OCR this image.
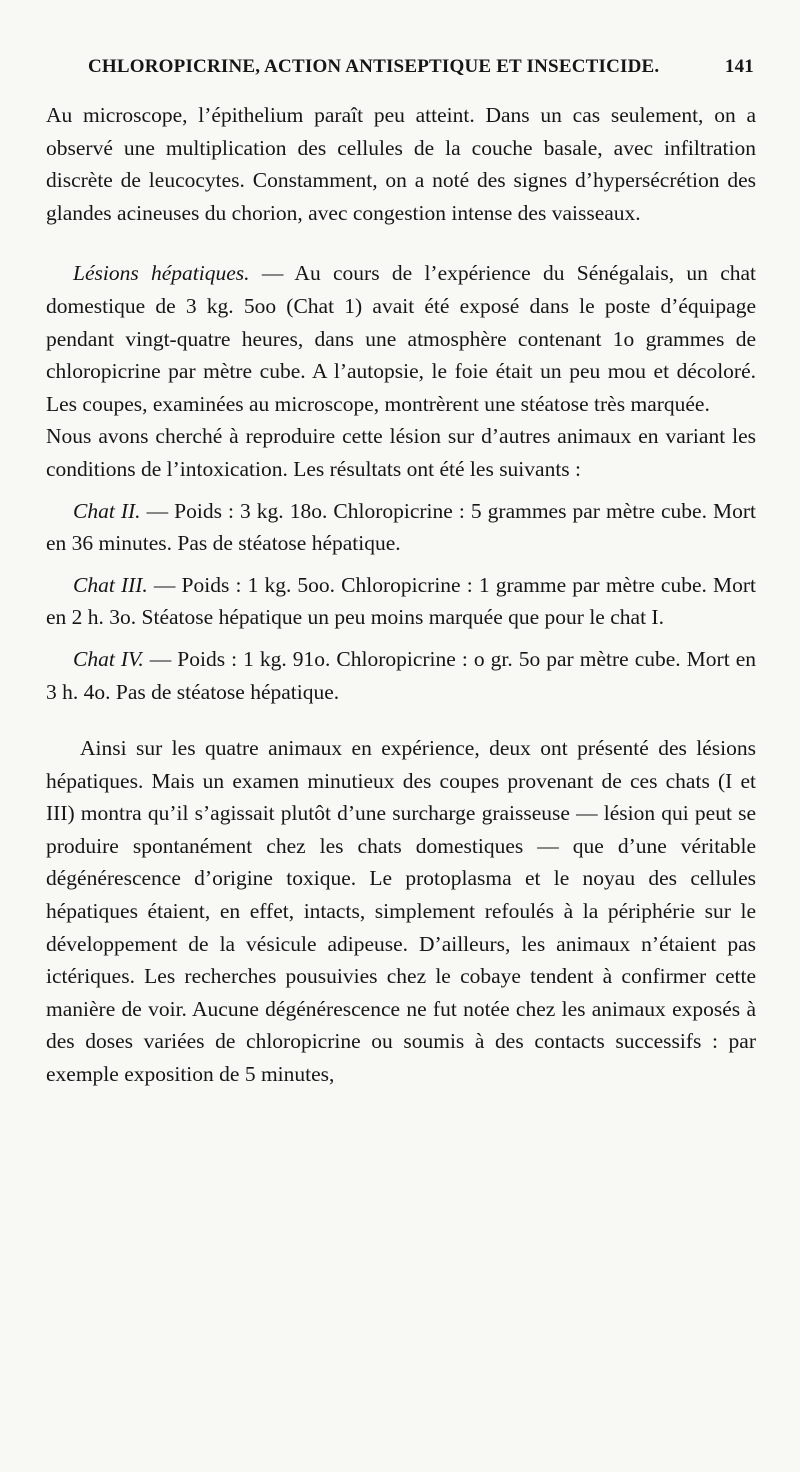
CHLOROPICRINE, ACTION ANTISEPTIQUE ET INSECTICIDE.	141

Au microscope, l’épithelium paraît peu atteint. Dans un cas seulement, on a observé une multiplication des cellules de la couche basale, avec infiltration discrète de leucocytes. Constamment, on a noté des signes d’hypersécrétion des glandes acineuses du chorion, avec congestion intense des vaisseaux.

Lésions hépatiques. — Au cours de l’expérience du Sénégalais, un chat domestique de 3 kg. 5oo (Chat 1) avait été exposé dans le poste d’équipage pendant vingt-quatre heures, dans une atmosphère contenant 1o grammes de chloropicrine par mètre cube. A l’autopsie, le foie était un peu mou et décoloré. Les coupes, examinées au microscope, montrèrent une stéatose très marquée.

Nous avons cherché à reproduire cette lésion sur d’autres animaux en variant les conditions de l’intoxication. Les résultats ont été les suivants :

Chat II. — Poids : 3 kg. 18o. Chloropicrine : 5 grammes par mètre cube. Mort en 36 minutes. Pas de stéatose hépatique.

Chat III. — Poids : 1 kg. 5oo. Chloropicrine : 1 gramme par mètre cube. Mort en 2 h. 3o. Stéatose hépatique un peu moins marquée que pour le chat I.

Chat IV. — Poids : 1 kg. 91o. Chloropicrine : o gr. 5o par mètre cube. Mort en 3 h. 4o. Pas de stéatose hépatique.

Ainsi sur les quatre animaux en expérience, deux ont présenté des lésions hépatiques. Mais un examen minutieux des coupes provenant de ces chats (I et III) montra qu’il s’agissait plutôt d’une surcharge graisseuse — lésion qui peut se produire spontanément chez les chats domestiques — que d’une véritable dégénérescence d’origine toxique. Le protoplasma et le noyau des cellules hépatiques étaient, en effet, intacts, simplement refoulés à la périphérie sur le développement de la vésicule adipeuse. D’ailleurs, les animaux n’étaient pas ictériques. Les recherches pousuivies chez le cobaye tendent à confirmer cette manière de voir. Aucune dégénérescence ne fut notée chez les animaux exposés à des doses variées de chloropicrine ou soumis à des contacts successifs : par exemple exposition de 5 minutes,
